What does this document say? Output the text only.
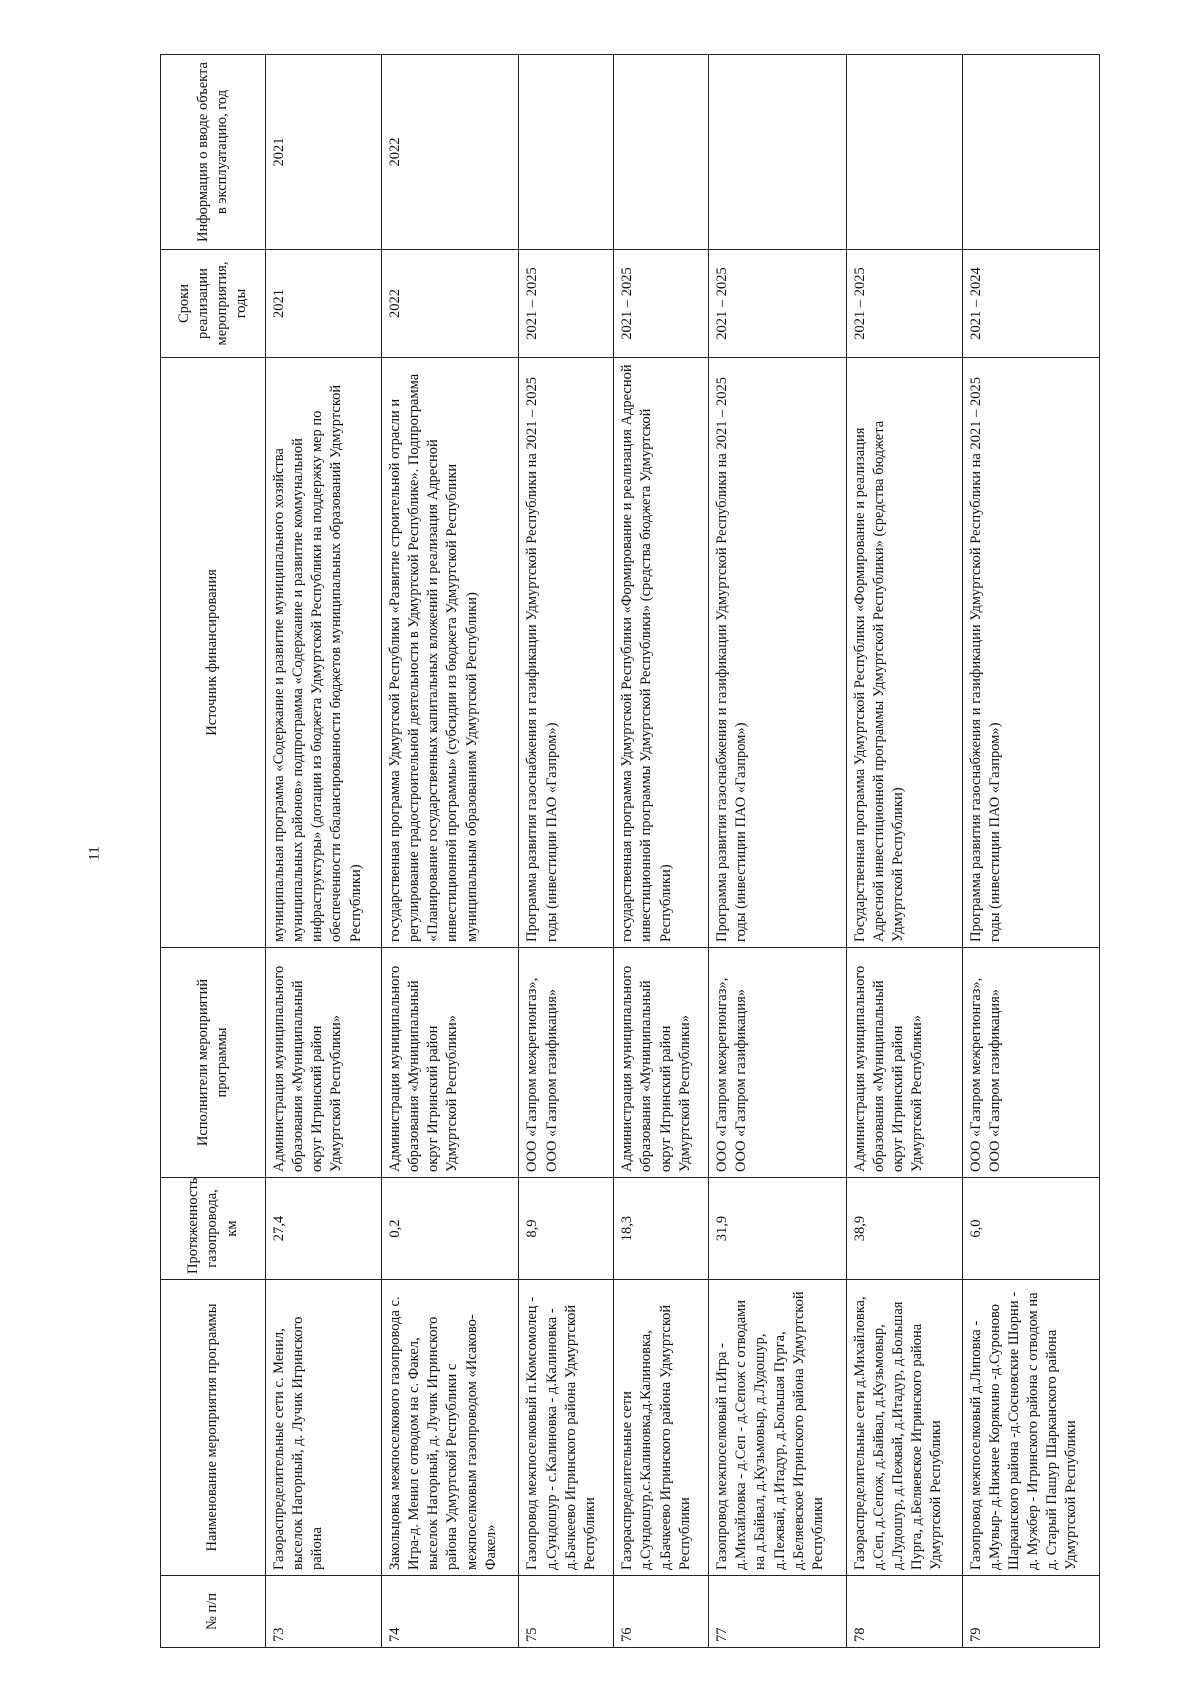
11
№ п/п	Наименование мероприятия программы	Протяженность газопровода, км	Исполнители мероприятий программы	Источник финансирования	Сроки реализации мероприятия, годы	Информация о вводе объекта в эксплуатацию, год
73	Газораспределительные сети с. Менил, выселок Нагорный, д. Лучик Игринского района	27,4	Администрация муниципального образования «Муниципальный округ Игринский район Удмуртской Республики»	муниципальная программа «Содержание и развитие муниципального хозяйства муниципальных районов» подпрограмма «Содержание и развитие коммунальной инфраструктуры» (дотации из бюджета Удмуртской Республики на поддержку мер по обеспеченности сбалансированности бюджетов муниципальных образований Удмуртской Республики)	2021	2021
74	Закольцовка межпоселкового газопровода с. Игра-д. Менил с отводом на с. Факел, выселок Нагорный, д. Лучик Игринского района Удмуртской Республики с межпоселковым газопроводом «Исаково-Факел»	0,2	Администрация муниципального образования «Муниципальный округ Игринский район Удмуртской Республики»	государственная программа Удмуртской Республики «Развитие строительной отрасли и регулирование градостроительной деятельности в Удмуртской Республике». Подпрограмма «Планирование государственных капитальных вложений и реализация Адресной инвестиционной программы» (субсидии из бюджета Удмуртской Республики муниципальным образованиям Удмуртской Республики)	2022	2022
75	Газопровод межпоселковый п.Комсомолец - д.Сундошур - с.Калиновка - д.Калиновка - д.Бачкеево Игринского района Удмуртской Республики	8,9	ООО «Газпром межрегионгаз», ООО «Газпром газификация»	Программа развития газоснабжения и газификации Удмуртской Республики на 2021 – 2025 годы (инвестиции ПАО «Газпром»)	2021 – 2025	
76	Газораспределительные сети д.Сундошур,с.Калиновка,д.Калиновка, д.Бачкеево Игринского района Удмуртской Республики	18,3	Администрация муниципального образования «Муниципальный округ Игринский район Удмуртской Республики»	государственная программа Удмуртской Республики «Формирование и реализация Адресной инвестиционной программы Удмуртской Республики» (средства бюджета Удмуртской Республики)	2021 – 2025	
77	Газопровод межпоселковый п.Игра - д.Михайловка - д.Сеп - д.Сепож с отводами на д.Байвал, д.Кузьмовыр, д.Лудошур, д.Пежвай, д.Итадур, д.Большая Пурга, д.Беляевское Игринского района Удмуртской Республики	31,9	ООО «Газпром межрегионгаз», ООО «Газпром газификация»	Программа развития газоснабжения и газификации Удмуртской Республики на 2021 – 2025 годы (инвестиции ПАО «Газпром»)	2021 – 2025	
78	Газораспределительные сети д.Михайловка, д.Сеп, д.Сепож, д.Байвал, д.Кузьмовыр, д.Лудошур, д.Пежвай, д.Итадур, д.Большая Пурга, д.Беляевское Игринского района Удмуртской Республики	38,9	Администрация муниципального образования «Муниципальный округ Игринский район Удмуртской Республики»	Государственная программа Удмуртской Республики «Формирование и реализация Адресной инвестиционной программы Удмуртской Республики» (средства бюджета Удмуртской Республики)	2021 – 2025	
79	Газопровод межпоселковый д.Липовка - д.Мувыр- д.Нижнее Корякино -д.Суроново Шарканского района -д.Сосновские Шорни - д. Мужбер - Игринского района с отводом на д. Старый Пашур Шарканского района Удмуртской Республики	6,0	ООО «Газпром межрегионгаз», ООО «Газпром газификация»	Программа развития газоснабжения и газификации Удмуртской Республики на 2021 – 2025 годы (инвестиции ПАО «Газпром»)	2021 – 2024	
